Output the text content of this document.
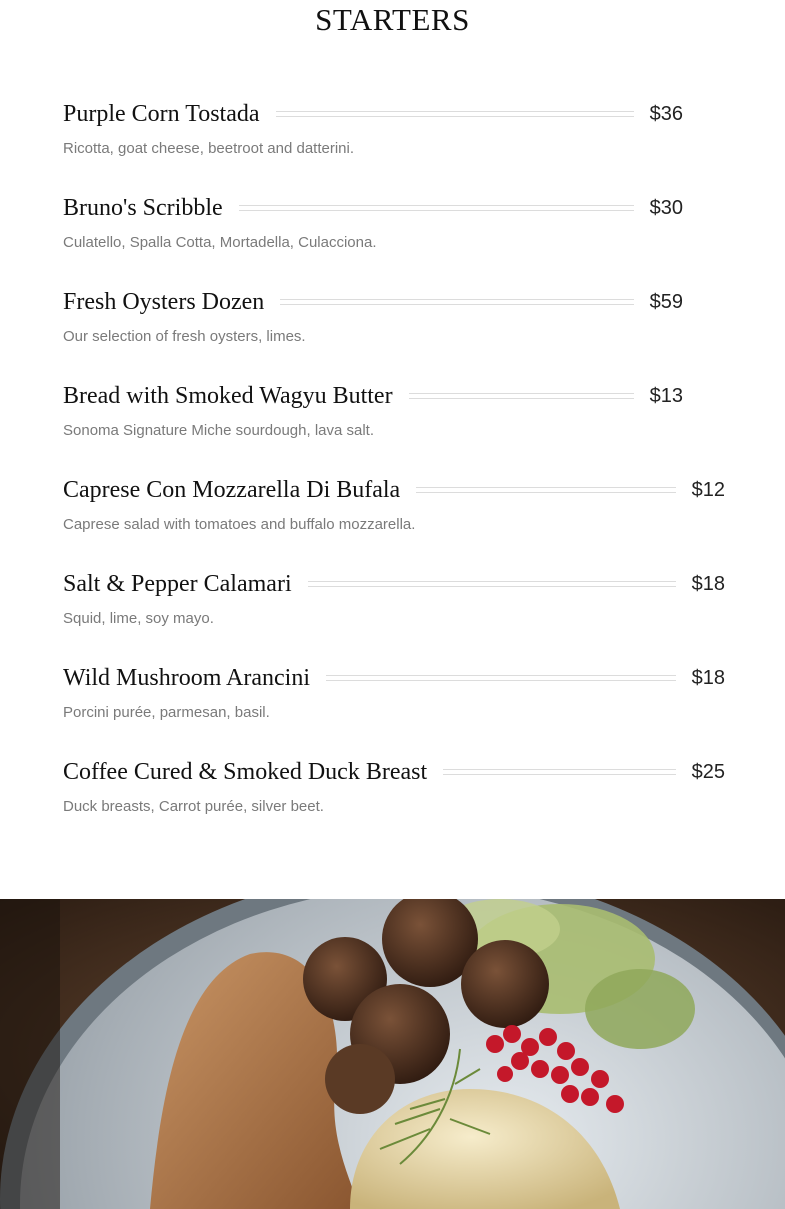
STARTERS
Purple Corn Tostada	$36
Ricotta, goat cheese, beetroot and datterini.
Bruno's Scribble	$30
Culatello, Spalla Cotta, Mortadella, Culacciona.
Fresh Oysters Dozen	$59
Our selection of fresh oysters, limes.
Bread with Smoked Wagyu Butter	$13
Sonoma Signature Miche sourdough, lava salt.
Caprese Con Mozzarella Di Bufala	$12
Caprese salad with tomatoes and buffalo mozzarella.
Salt & Pepper Calamari	$18
Squid, lime, soy mayo.
Wild Mushroom Arancini	$18
Porcini purée, parmesan, basil.
Coffee Cured & Smoked Duck Breast	$25
Duck breasts, Carrot purée, silver beet.
